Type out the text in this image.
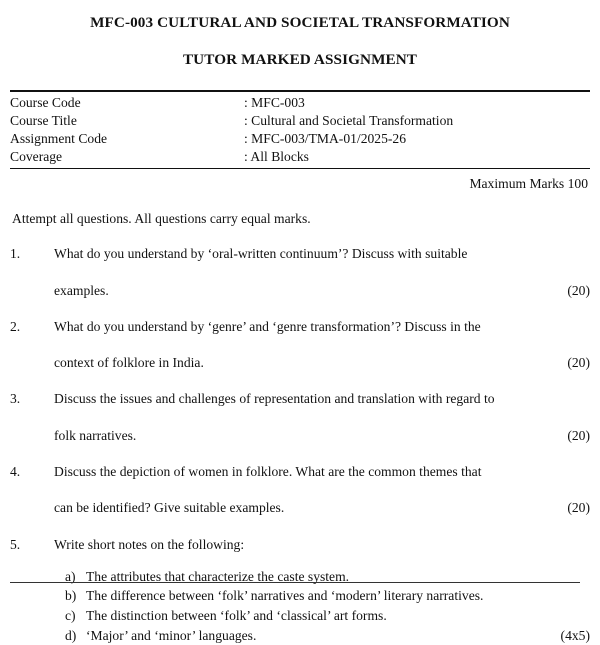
MFC-003 CULTURAL AND SOCIETAL TRANSFORMATION
TUTOR MARKED ASSIGNMENT
Course Code	: MFC-003
Course Title	: Cultural and Societal Transformation
Assignment Code	: MFC-003/TMA-01/2025-26
Coverage	: All Blocks
Maximum Marks 100
Attempt all questions. All questions carry equal marks.
1.	What do you understand by ‘oral-written continuum’? Discuss with suitable
(20)
examples.
2.	What do you understand by ‘genre’ and ‘genre transformation’? Discuss in the
(20)
context of folklore in India.
3.	Discuss the issues and challenges of representation and translation with regard to
(20)
folk narratives.
4.	Discuss the depiction of women in folklore. What are the common themes that
(20)
can be identified? Give suitable examples.
5.	Write short notes on the following:
a) The attributes that characterize the caste system.
b) The difference between ‘folk’ narratives and ‘modern’ literary narratives.
c) The distinction between ‘folk’ and ‘classical’ art forms.
d) ‘Major’ and ‘minor’ languages.	(4x5)
